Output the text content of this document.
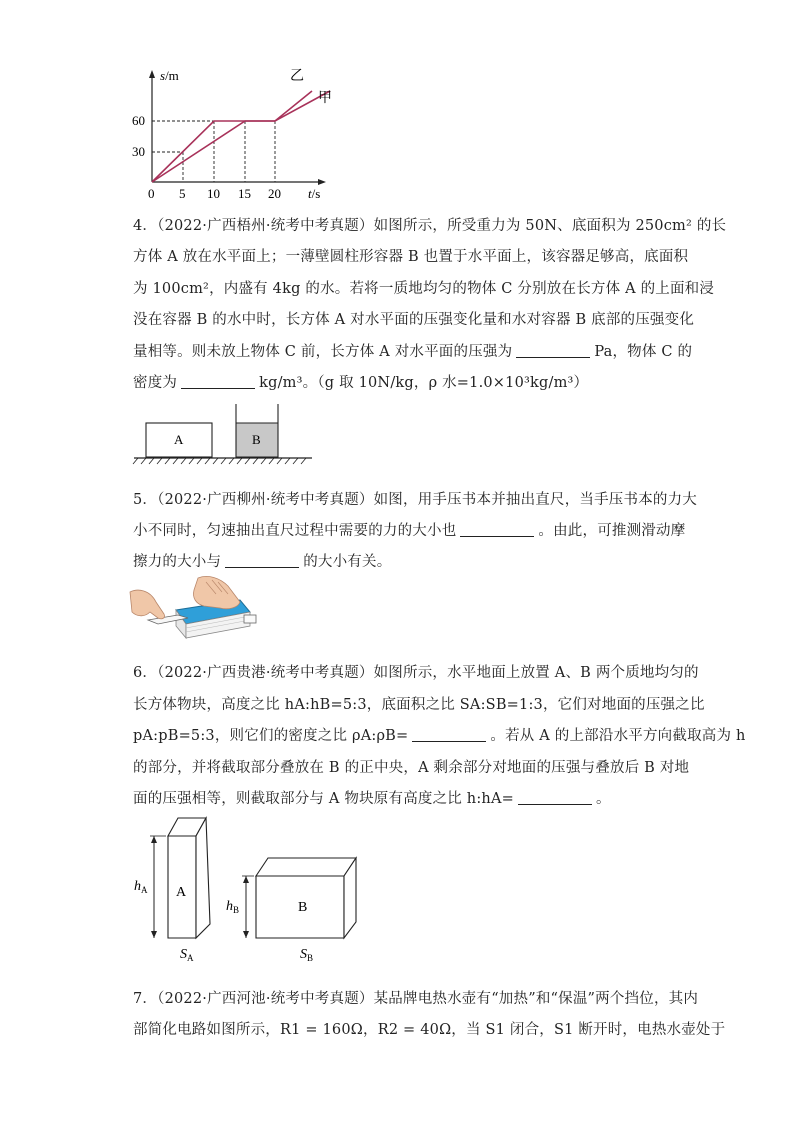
s/m
60
30
0 5 10 15 20 t/s
乙
甲
4．（2022·广西梧州·统考中考真题）如图所示，所受重力为 50N、底面积为 250cm² 的长
方体 A 放在水平面上；一薄壁圆柱形容器 B 也置于水平面上，该容器足够高，底面积
为 100cm²，内盛有 4kg 的水。若将一质地均匀的物体 C 分别放在长方体 A 的上面和浸
没在容器 B 的水中时，长方体 A 对水平面的压强变化量和水对容器 B 底部的压强变化
量相等。则未放上物体 C 前，长方体 A 对水平面的压强为	Pa，物体 C 的
密度为	kg/m³。（g 取 10N/kg，ρ 水=1.0×10³kg/m³）
A	B
5．（2022·广西柳州·统考中考真题）如图，用手压书本并抽出直尺，当手压书本的力大
小不同时，匀速抽出直尺过程中需要的力的大小也	。由此，可推测滑动摩
擦力的大小与	的大小有关。
6．（2022·广西贵港·统考中考真题）如图所示，水平地面上放置 A、B 两个质地均匀的
长方体物块，高度之比 hA:hB=5:3，底面积之比 SA:SB=1:3，它们对地面的压强之比
pA:pB=5:3，则它们的密度之比 ρA:ρB=	。若从 A 的上部沿水平方向截取高为 h
的部分，并将截取部分叠放在 B 的正中央，A 剩余部分对地面的压强与叠放后 B 对地
面的压强相等，则截取部分与 A 物块原有高度之比 h:hA=	。
A
$h_A$
$S_A$
B
$h_B$
$S_B$
7．（2022·广西河池·统考中考真题）某品牌电热水壶有“加热”和“保温”两个挡位，其内
部简化电路如图所示，R1 = 160Ω，R2 = 40Ω，当 S1 闭合，S1 断开时，电热水壶处于
